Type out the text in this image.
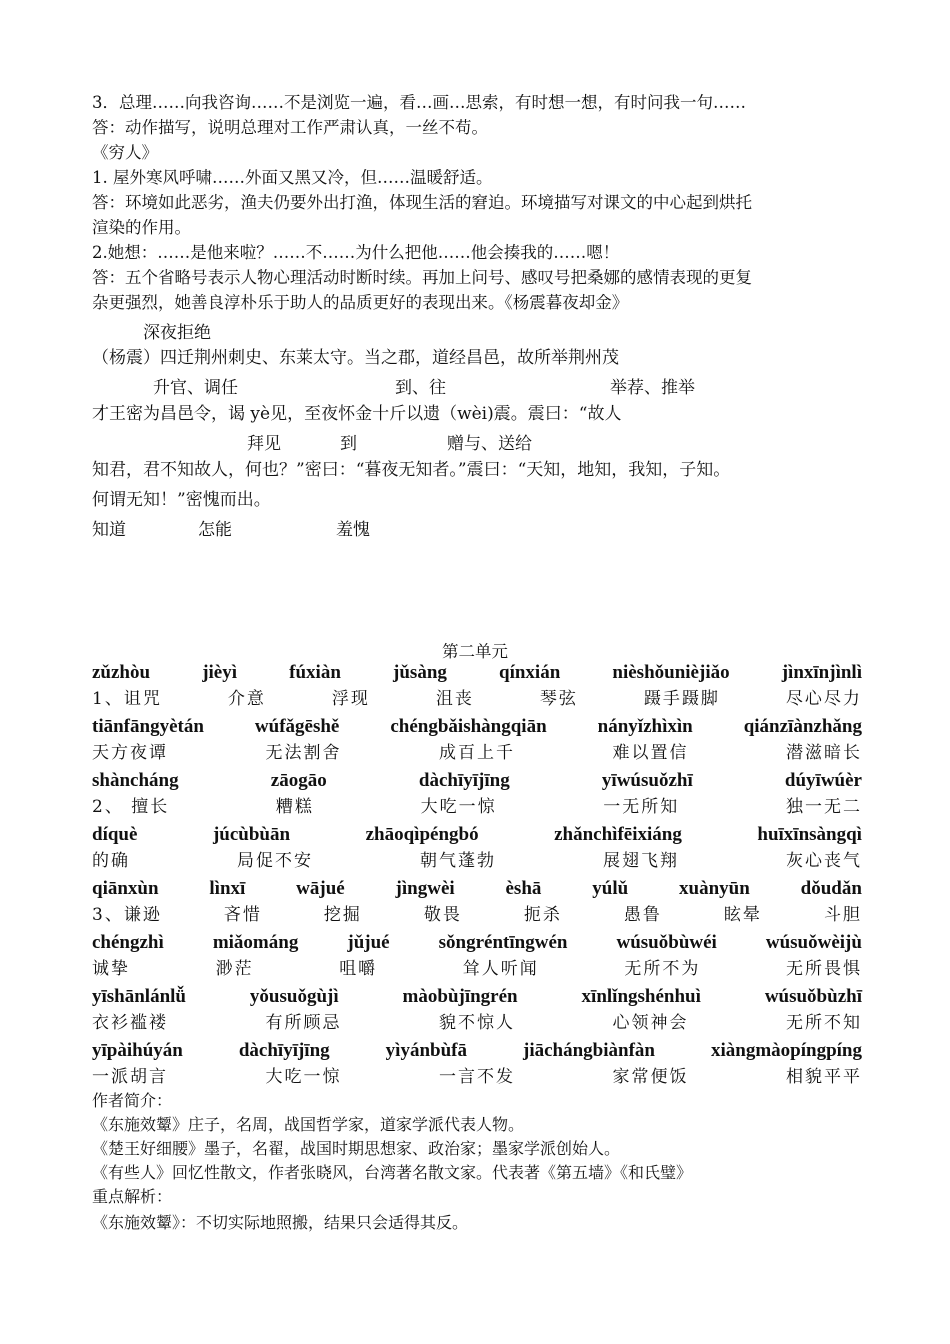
3．总理……向我咨询……不是浏览一遍，看…画…思索，有时想一想，有时问我一句……
答：动作描写，说明总理对工作严肃认真，一丝不苟。
《穷人》
1. 屋外寒风呼啸……外面又黑又冷，但……温暖舒适。
答：环境如此恶劣，渔夫仍要外出打渔，体现生活的窘迫。环境描写对课文的中心起到烘托
渲染的作用。
2.她想：……是他来啦？……不……为什么把他……他会揍我的……嗯！
答：五个省略号表示人物心理活动时断时续。再加上问号、感叹号把桑娜的感情表现的更复
杂更强烈，她善良淳朴乐于助人的品质更好的表现出来。《杨震暮夜却金》
深夜拒绝
（杨震）四迁荆州刺史、东莱太守。当之郡，道经昌邑，故所举荆州茂
升官、调任	到、往	举荐、推举
才王密为昌邑令，谒 yè见，至夜怀金十斤以遗（wèi)震。震曰：“故人
拜见	到	赠与、送给
知君，君不知故人，何也？”密曰：“暮夜无知者。”震曰：“天知，地知，我知，子知。
何谓无知！”密愧而出。
知道	怎能	羞愧
第二单元
zǔzhòu	jièyì	fúxiàn	jǔsàng	qínxián	nièshǒunièjiǎo	jìnxīnjìnlì
1、诅咒	介意	浮现	沮丧	琴弦	蹑手蹑脚	尽心尽力
tiānfāngyètán	wúfǎgēshě	chéngbǎishàngqiān	nányǐzhìxìn	qiánzīànzhǎng
天方夜谭	无法割舍	成百上千	难以置信	潜滋暗长
shàncháng	zāogāo	dàchīyījīng	yīwúsuǒzhī	dúyīwúèr
2、 擅长	糟糕	大吃一惊	一无所知	独一无二
díquè	júcùbùān	zhāoqìpéngbó	zhǎnchìfēixiáng	huīxīnsàngqì
的确	局促不安	朝气蓬勃	展翅飞翔	灰心丧气
qiānxùn	lìnxī	wājué	jìngwèi	èshā	yúlǔ	xuànyūn	dǒudǎn
3、谦逊	吝惜	挖掘	敬畏	扼杀	愚鲁	眩晕	斗胆
chéngzhì	miǎománg	jǔjué	sǒngréntīngwén	wúsuǒbùwéi	wúsuǒwèijù
诚挚	渺茫	咀嚼	耸人听闻	无所不为	无所畏惧
yīshānlánlǚ	yǒusuǒgùjì	màobùjīngrén	xīnlǐngshénhuì	wúsuǒbùzhī
衣衫褴褛	有所顾忌	貌不惊人	心领神会	无所不知
yīpàihúyán	dàchīyījīng	yìyánbùfā	jiāchángbiànfàn	xiàngmàopíngpíng
一派胡言	大吃一惊	一言不发	家常便饭	相貌平平
作者简介：
《东施效颦》庄子，名周，战国哲学家，道家学派代表人物。
《楚王好细腰》墨子，名翟，战国时期思想家、政治家；墨家学派创始人。
《有些人》回忆性散文，作者张晓风，台湾著名散文家。代表著《第五墙》《和氏璧》
重点解析：
《东施效颦》：不切实际地照搬，结果只会适得其反。
